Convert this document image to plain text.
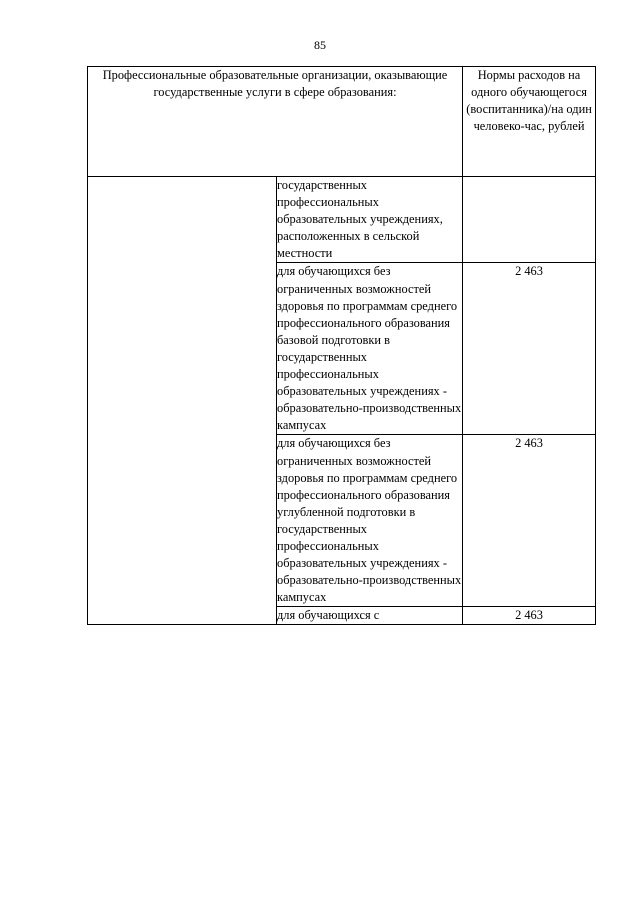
85
Профессиональные образовательные организации, оказывающие государственные услуги в сфере образования:		Нормы расходов на одного обучающегося (воспитанника)/на один человеко-час, рублей
	государственных профессиональных образовательных учреждениях, расположенных в сельской местности	
	для обучающихся без ограниченных возможностей здоровья по программам среднего профессионального образования базовой подготовки в государственных профессиональных образовательных учреждениях - образовательно-производственных кампусах	2 463
	для обучающихся без ограниченных возможностей здоровья по программам среднего профессионального образования углубленной подготовки в государственных профессиональных образовательных учреждениях - образовательно-производственных кампусах	2 463
	для обучающихся с	2 463
